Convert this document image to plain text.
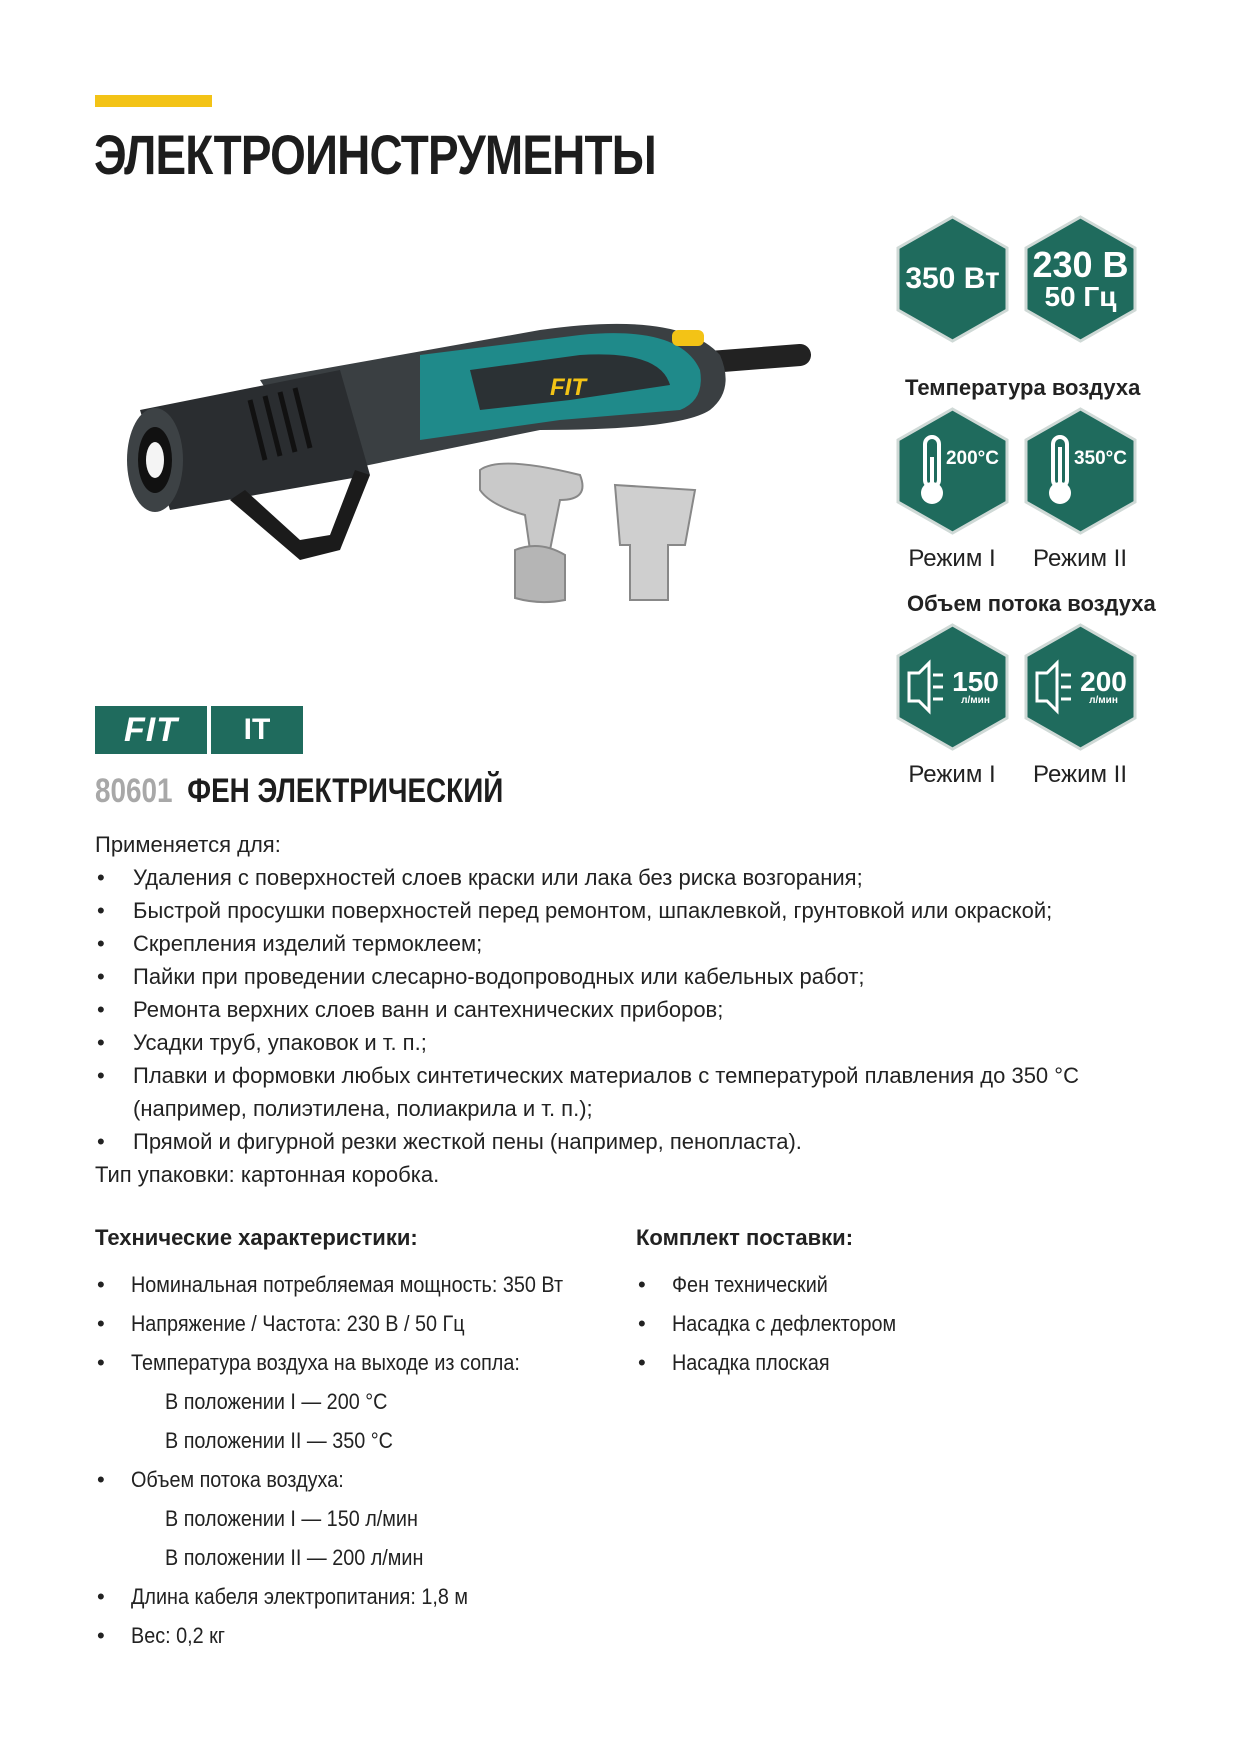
ЭЛЕКТРОИНСТРУМЕНТЫ
FIT
350 Вт 230 В
50 Гц
Температура воздуха
200°C
Режим I
350°C
Режим II
Объем потока воздуха
150
л/мин
Режим I
200
л/мин
Режим II
FIT	IT
80601 ФЕН ЭЛЕКТРИЧЕСКИЙ
Применяется для:
• Удаления с поверхностей слоев краски или лака без риска возгорания;
• Быстрой просушки поверхностей перед ремонтом, шпаклевкой, грунтовкой или окраской;
• Скрепления изделий термоклеем;
• Пайки при проведении слесарно-водопроводных или кабельных работ;
• Ремонта верхних слоев ванн и сантехнических приборов;
• Усадки труб, упаковок и т. п.;
• Плавки и формовки любых синтетических материалов с температурой плавления до 350 °С (например, полиэтилена, полиакрила и т. п.);
• Прямой и фигурной резки жесткой пены (например, пенопласта).
Тип упаковки: картонная коробка.
Технические характеристики:
• Номинальная потребляемая мощность: 350 Вт
• Напряжение / Частота: 230 В / 50 Гц
• Температура воздуха на выходе из сопла:
В положении I — 200 °С
В положении II — 350 °С
• Объем потока воздуха:
В положении I — 150 л/мин
В положении II — 200 л/мин
• Длина кабеля электропитания: 1,8 м
• Вес: 0,2 кг
Комплект поставки:
• Фен технический
• Насадка с дефлектором
• Насадка плоская
